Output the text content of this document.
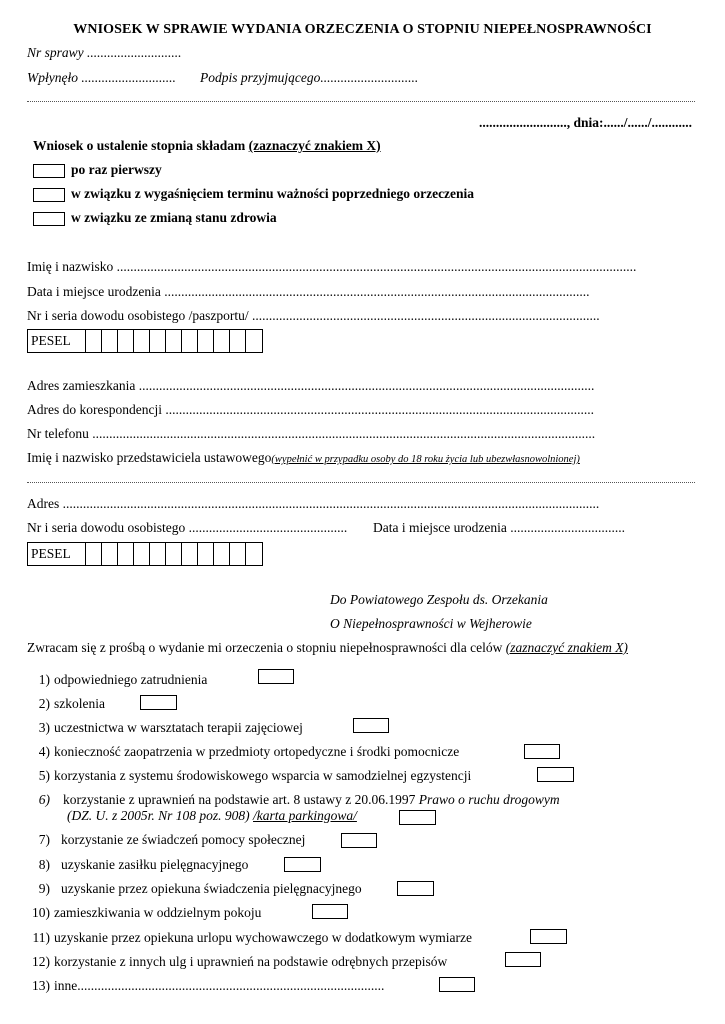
WNIOSEK W SPRAWIE WYDANIA ORZECZENIA O STOPNIU NIEPEŁNOSPRAWNOŚCI
Nr sprawy ............................
Wpłynęło ............................ Podpis przyjmującego.............................
.........................., dnia:....../....../............
Wniosek o ustalenie stopnia składam (zaznaczyć znakiem X)
po raz pierwszy
w związku z wygaśnięciem terminu ważności poprzedniego orzeczenia
w związku ze zmianą stanu zdrowia
Imię i nazwisko ..........................................................................................................................................................
Data i miejsce urodzenia ..............................................................................................................................
Nr i seria dowodu osobistego /paszportu/ .......................................................................................................
PESEL
Adres zamieszkania .......................................................................................................................................
Adres do korespondencji ...............................................................................................................................
Nr telefonu .....................................................................................................................................................
Imię i nazwisko przedstawiciela ustawowego(wypełnić w przypadku osoby do 18 roku życia lub ubezwłasnowolnionej)
Adres ...............................................................................................................................................................
Nr i seria dowodu osobistego ............................................... Data i miejsce urodzenia ..................................
PESEL
Do Powiatowego Zespołu ds. Orzekania
O Niepełnosprawności w Wejherowie
Zwracam się z prośbą o wydanie mi orzeczenia o stopniu niepełnosprawności dla celów (zaznaczyć znakiem X)
1) odpowiedniego zatrudnienia
2) szkolenia
3) uczestnictwa w warsztatach terapii zajęciowej
4) konieczność zaopatrzenia w przedmioty ortopedyczne i środki pomocnicze
5) korzystania z systemu środowiskowego wsparcia w samodzielnej egzystencji
6) korzystanie z uprawnień na podstawie art. 8 ustawy z 20.06.1997 Prawo o ruchu drogowym
(DZ. U. z 2005r. Nr 108 poz. 908) /karta parkingowa/
7) korzystanie ze świadczeń pomocy społecznej
8) uzyskanie zasiłku pielęgnacyjnego
9) uzyskanie przez opiekuna świadczenia pielęgnacyjnego
10) zamieszkiwania w oddzielnym pokoju
11) uzyskanie przez opiekuna urlopu wychowawczego w dodatkowym wymiarze
12) korzystanie z innych ulg i uprawnień na podstawie odrębnych przepisów
13) inne...........................................................................................
